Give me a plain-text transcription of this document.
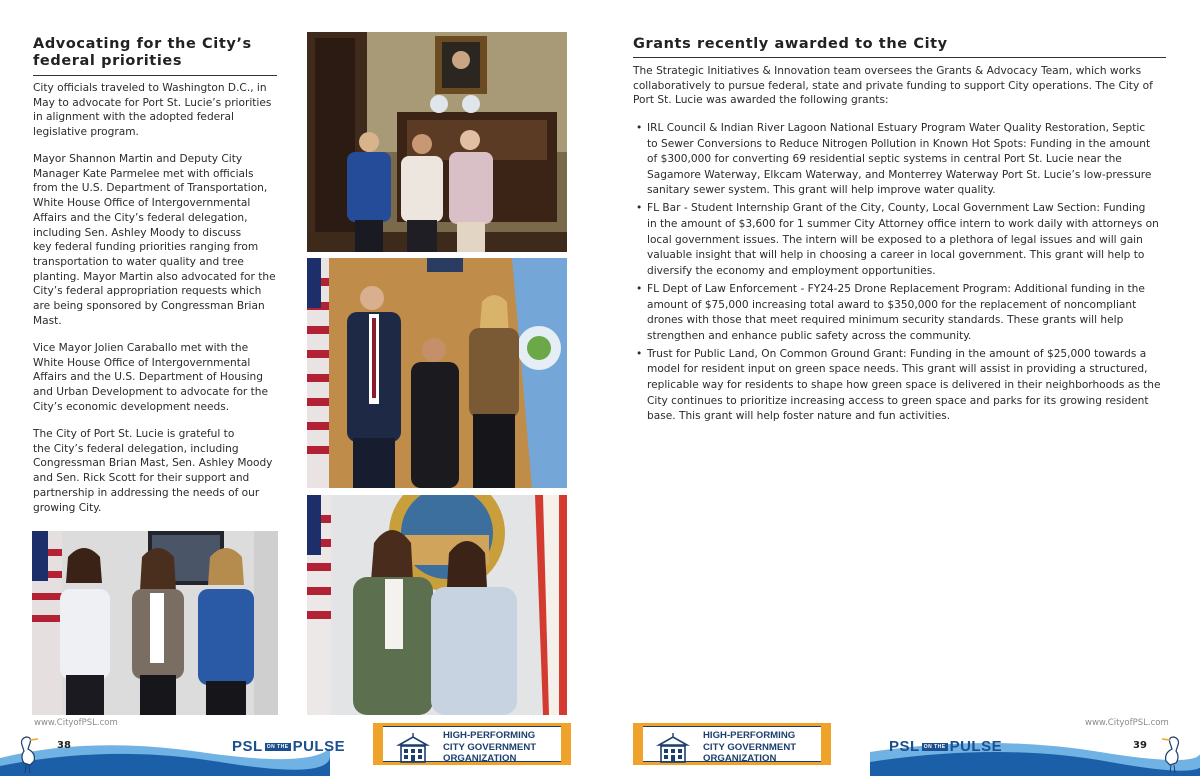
Advocating for the City’s
federal priorities
City officials traveled to Washington D.C., in
May to advocate for Port St. Lucie’s priorities
in alignment with the adopted federal
legislative program.
Mayor Shannon Martin and Deputy City
Manager Kate Parmelee met with officials
from the U.S. Department of Transportation,
White House Office of Intergovernmental
Affairs and the City’s federal delegation,
including Sen. Ashley Moody to discuss
key federal funding priorities ranging from
transportation to water quality and tree
planting. Mayor Martin also advocated for the
City’s federal appropriation requests which
are being sponsored by Congressman Brian
Mast.
Vice Mayor Jolien Caraballo met with the
White House Office of Intergovernmental
Affairs and the U.S. Department of Housing
and Urban Development to advocate for the
City’s economic development needs.
The City of Port St. Lucie is grateful to
the City’s federal delegation, including
Congressman Brian Mast, Sen. Ashley Moody
and Sen. Rick Scott for their support and
partnership in addressing the needs of our
growing City.
Grants recently awarded to the City
The Strategic Initiatives & Innovation team oversees the Grants & Advocacy Team, which works
collaboratively to pursue federal, state and private funding to support City operations. The City of
Port St. Lucie was awarded the following grants:
• IRL Council & Indian River Lagoon National Estuary Program Water Quality Restoration, Septic
to Sewer Conversions to Reduce Nitrogen Pollution in Known Hot Spots: Funding in the amount
of $300,000 for converting 69 residential septic systems in central Port St. Lucie near the
Sagamore Waterway, Elkcam Waterway, and Monterrey Waterway Port St. Lucie’s low-pressure
sanitary sewer system. This grant will help improve water quality.
• FL Bar - Student Internship Grant of the City, County, Local Government Law Section: Funding
in the amount of $3,600 for 1 summer City Attorney office intern to work daily with attorneys on
local government issues. The intern will be exposed to a plethora of legal issues and will gain
valuable insight that will help in choosing a career in local government. This grant will help to
diversify the economy and employment opportunities.
• FL Dept of Law Enforcement - FY24-25 Drone Replacement Program: Additional funding in the
amount of $75,000 increasing total award to $350,000 for the replacement of noncompliant
drones with those that meet required minimum security standards. These grants will help
strengthen and enhance public safety across the community.
• Trust for Public Land, On Common Ground Grant: Funding in the amount of $25,000 towards a
model for resident input on green space needs. This grant will assist in providing a structured,
replicable way for residents to shape how green space is delivered in their neighborhoods as the
City continues to prioritize increasing access to green space and parks for its growing resident
base. This grant will help foster nature and fun activities.
www.CityofPSL.com	www.CityofPSL.com
38	39
PSL ON THE PULSE	PSL ON THE PULSE
HIGH-PERFORMING
CITY GOVERNMENT
ORGANIZATION
HIGH-PERFORMING
CITY GOVERNMENT
ORGANIZATION
